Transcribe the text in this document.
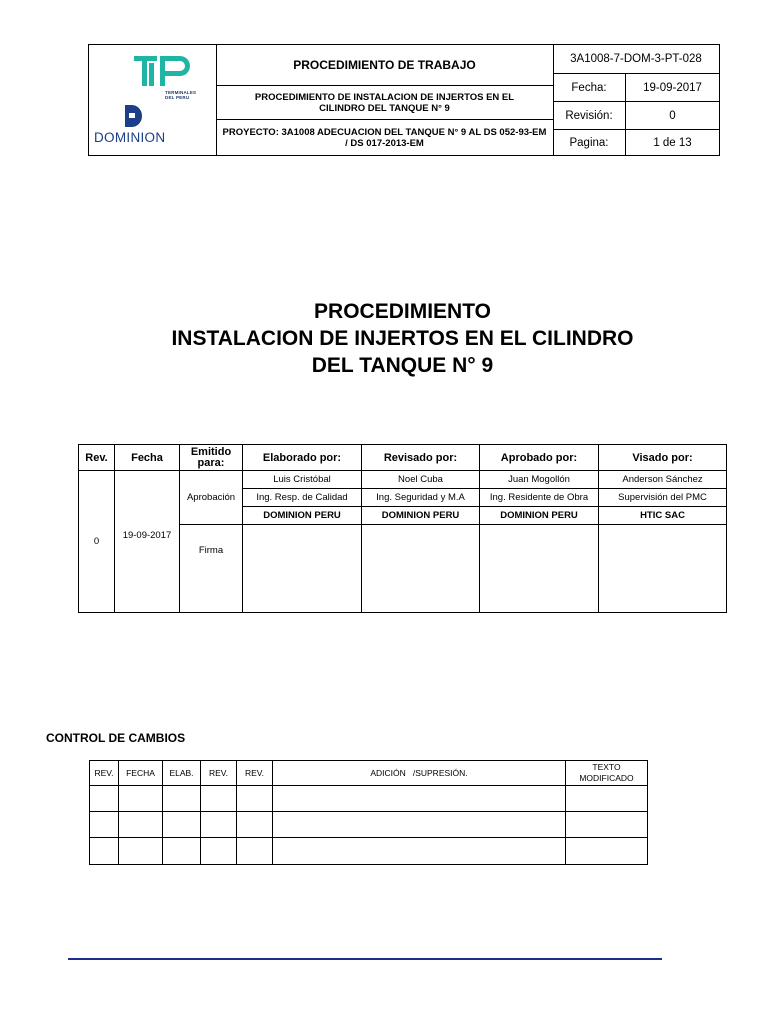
TERMINALES
DEL PERU
DOMINION
PROCEDIMIENTO DE TRABAJO
PROCEDIMIENTO DE INSTALACION DE INJERTOS EN EL CILINDRO DEL TANQUE N° 9
PROYECTO: 3A1008 ADECUACION DEL TANQUE N° 9 AL DS 052-93-EM / DS 017-2013-EM
3A1008-7-DOM-3-PT-028
Fecha:	19-09-2017
Revisión:	0
Pagina:	1 de 13
PROCEDIMIENTO
INSTALACION DE INJERTOS EN EL CILINDRO
DEL TANQUE N° 9
Rev.	Fecha	Emitido para:	Elaborado por:	Revisado por:	Aprobado por:	Visado por:
0	19-09-2017	Aprobación	Luis Cristóbal	Noel Cuba	Juan Mogollón	Anderson Sánchez
			Ing. Resp. de Calidad	Ing. Seguridad y M.A	Ing. Residente de Obra	Supervisión del PMC
			DOMINION PERU	DOMINION PERU	DOMINION PERU	HTIC SAC
		Firma				
CONTROL DE CAMBIOS
REV.	FECHA	ELAB.	REV.	REV.	ADICIÓN   /SUPRESIÓN.	TEXTO MODIFICADO
